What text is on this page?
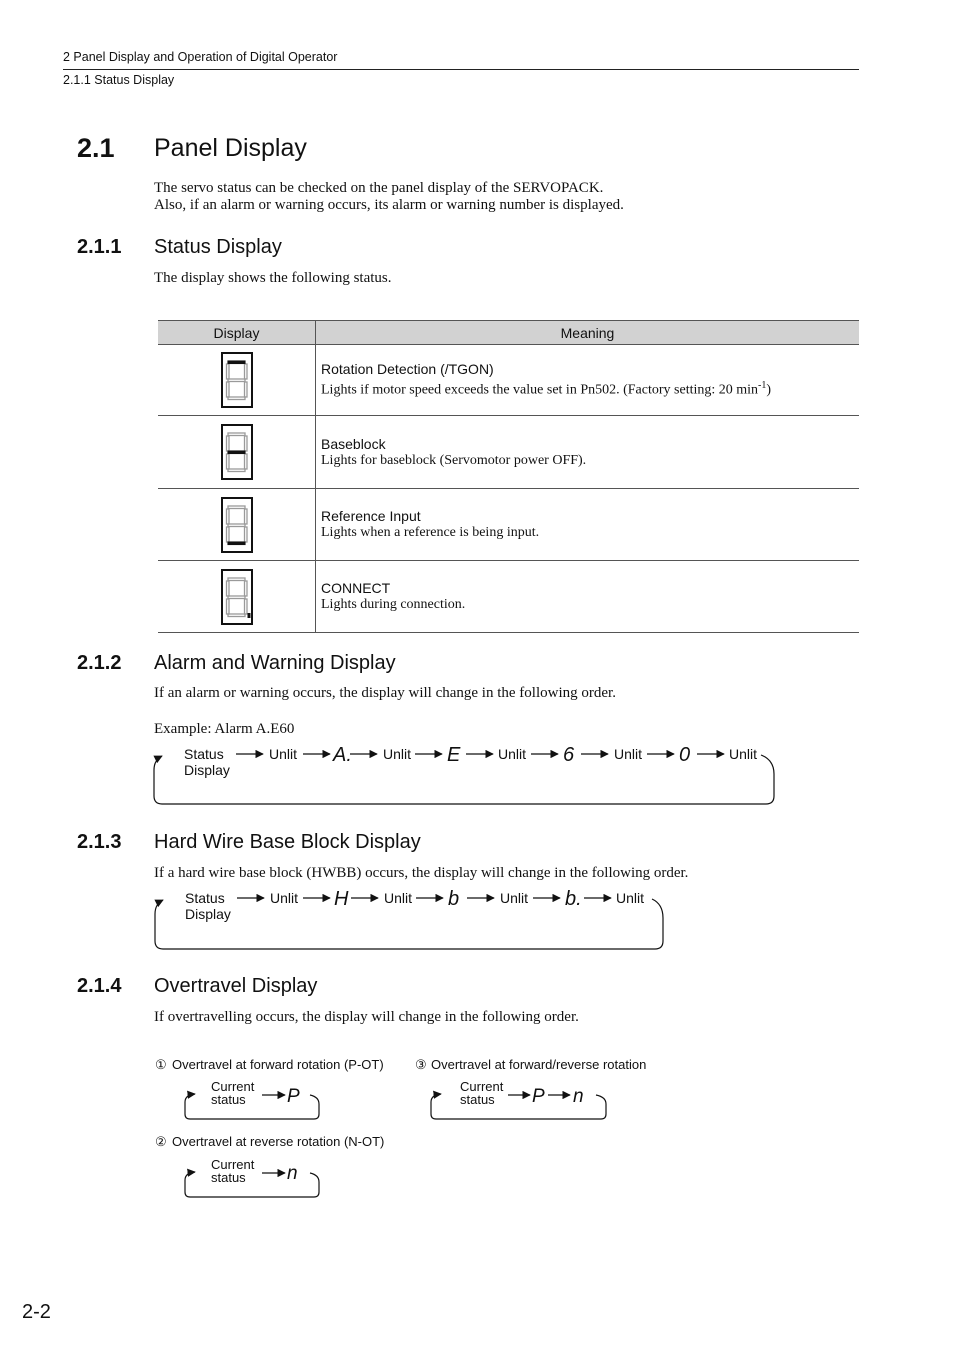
2 Panel Display and Operation of Digital Operator
2.1.1 Status Display
2.1 Panel Display
The servo status can be checked on the panel display of the SERVOPACK.
Also, if an alarm or warning occurs, its alarm or warning number is displayed.
2.1.1 Status Display
The display shows the following status.
Display	Meaning

Rotation Detection (/TGON)
Lights if motor speed exceeds the value set in Pn502. (Factory setting: 20 $\min^{-1}$)

Baseblock
Lights for baseblock (Servomotor power OFF).

Reference Input
Lights when a reference is being input.

CONNECT
Lights during connection.
2.1.2 Alarm and Warning Display
If an alarm or warning occurs, the display will change in the following order.
Example: Alarm A.E60
Status
Display
Unlit A. Unlit E	Unlit 6	Unlit 0	Unlit
2.1.3 Hard Wire Base Block Display
If a hard wire base block (HWBB) occurs, the display will change in the following order.
Status
Display
Unlit H	Unlit b	Unlit b. Unlit
2.1.4 Overtravel Display
If overtravelling occurs, the display will change in the following order.
① Overtravel at forward rotation (P-OT)
Current
status P
③ Overtravel at forward/reverse rotation
Current
status P n
② Overtravel at reverse rotation (N-OT)
Current
status n
2-2
